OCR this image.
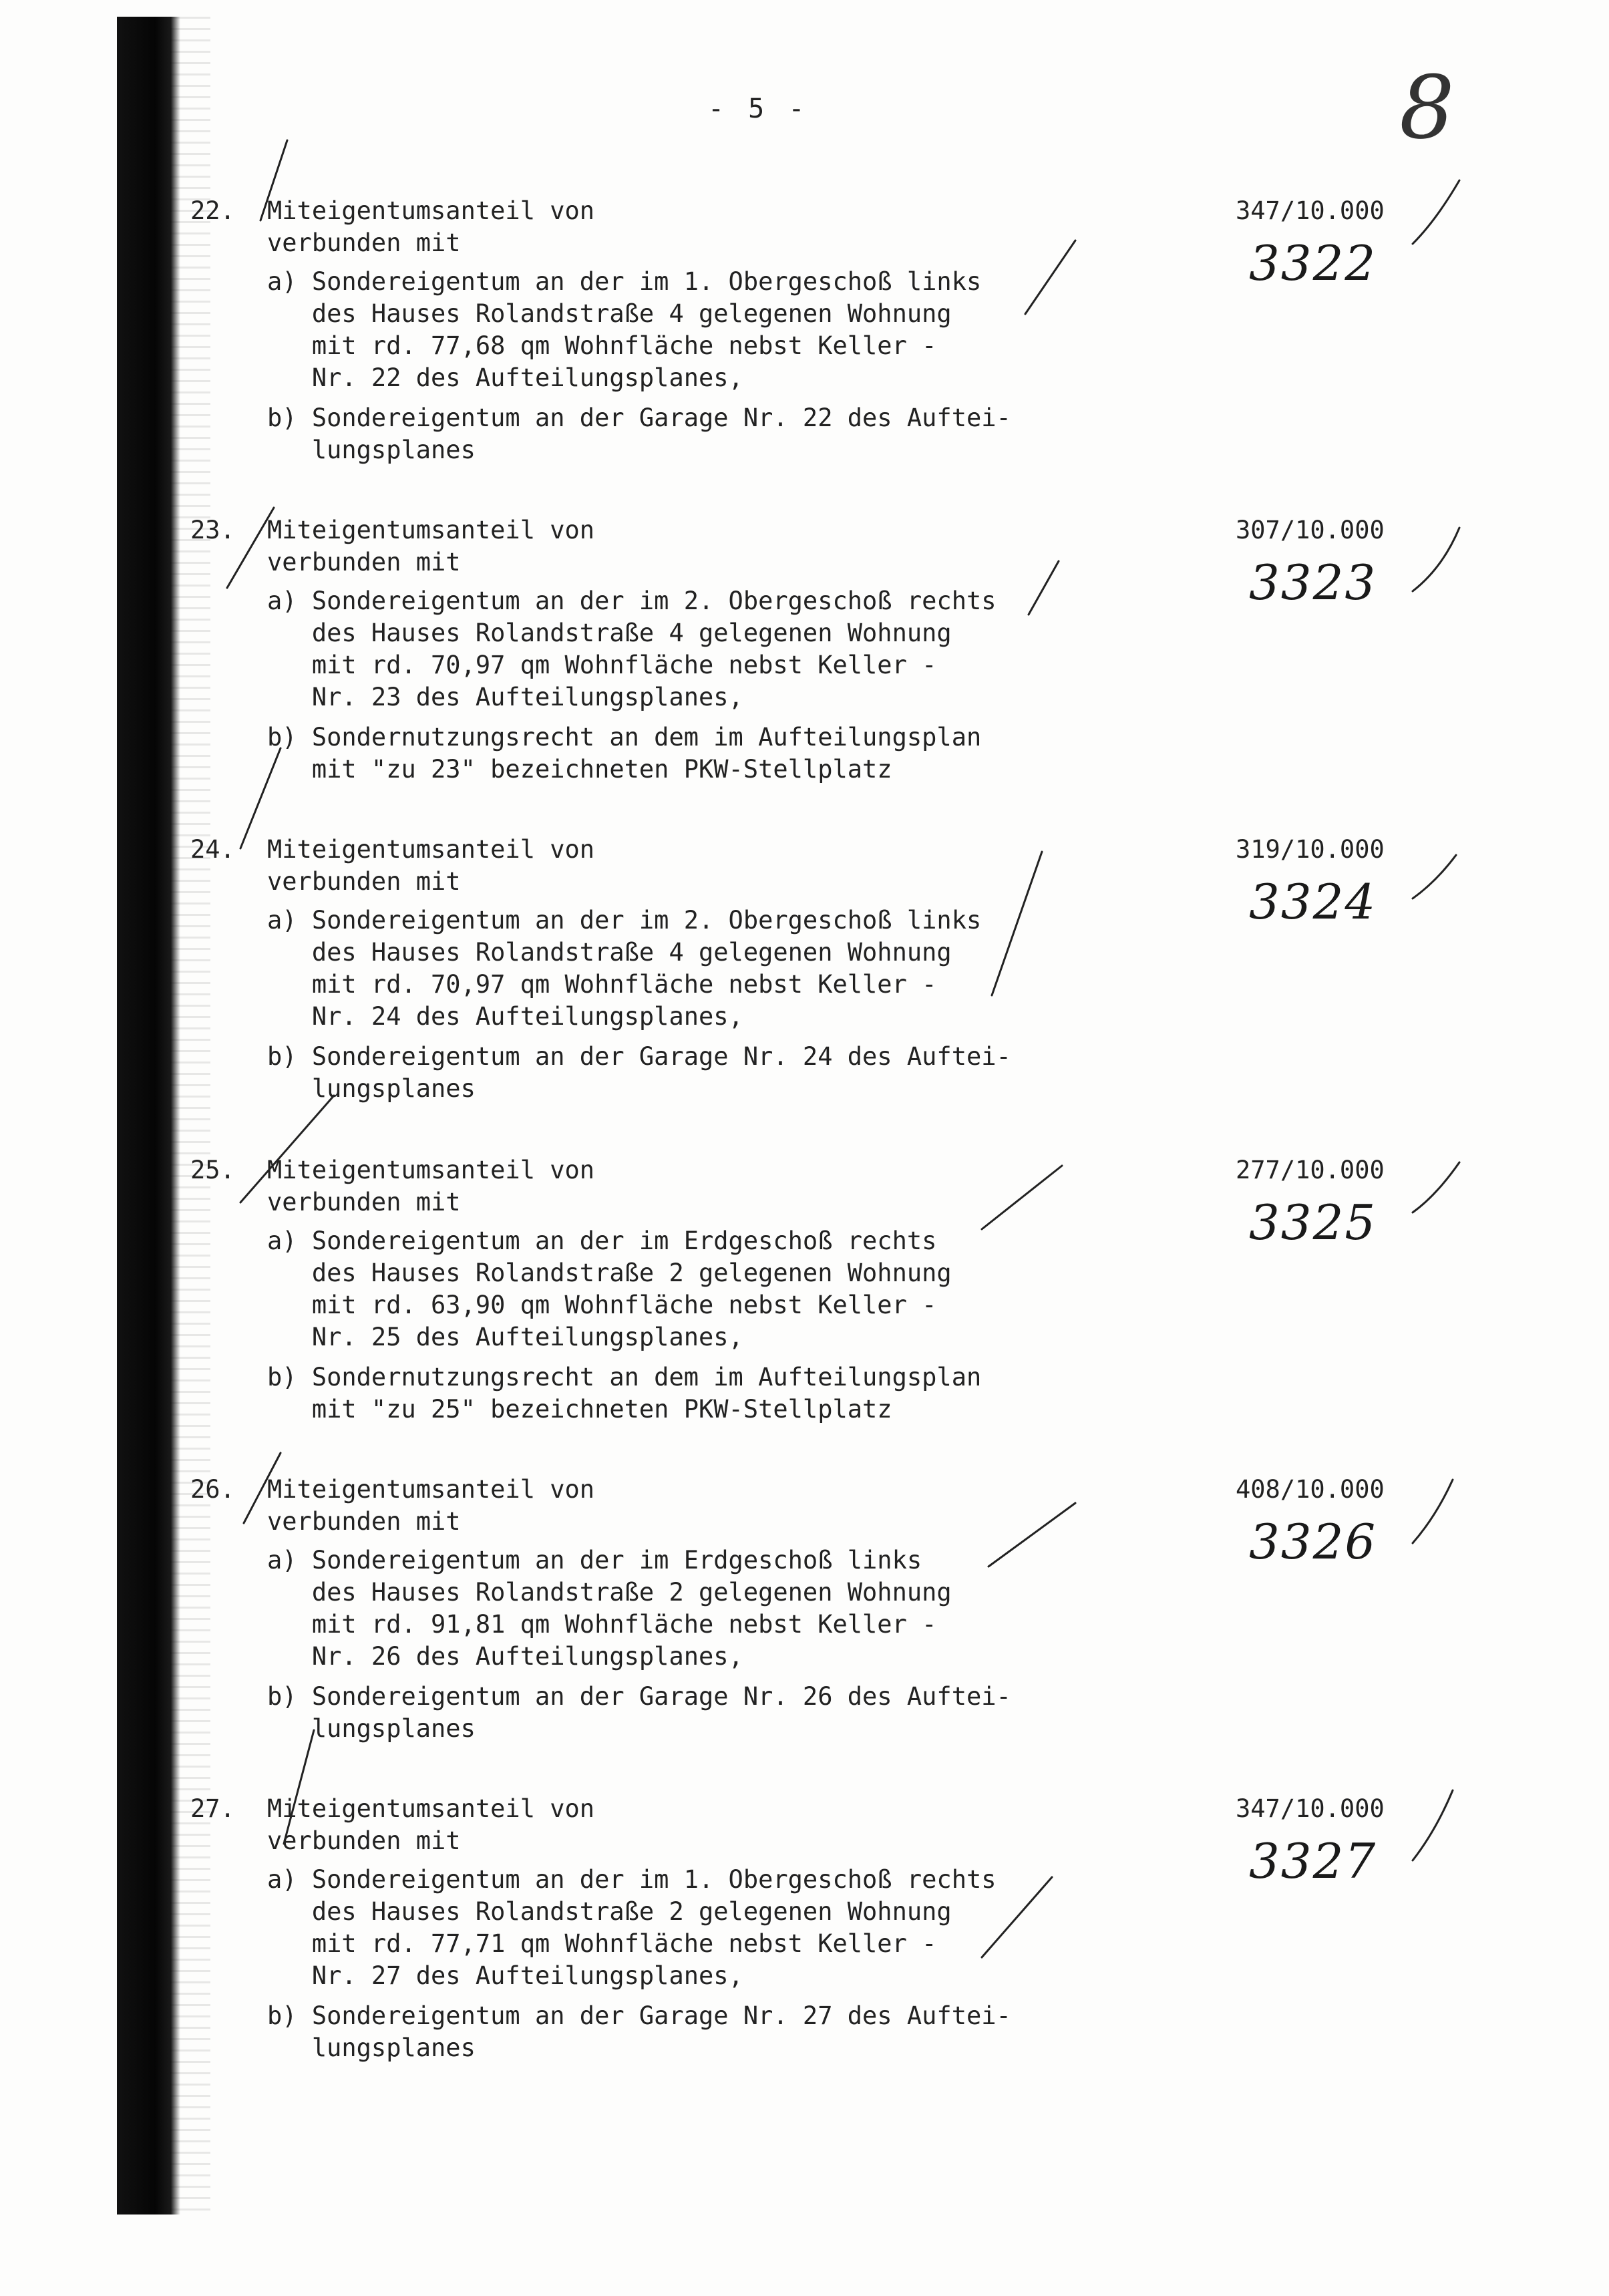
- 5 -	8
22. Miteigentumsanteil von
verbunden mit
a) Sondereigentum an der im 1. Obergeschoß links
des Hauses Rolandstraße 4 gelegenen Wohnung
mit rd. 77,68 qm Wohnfläche nebst Keller -
Nr. 22 des Aufteilungsplanes,
b) Sondereigentum an der Garage Nr. 22 des Auftei-
lungsplanes
347/10.000
3322
23. Miteigentumsanteil von
verbunden mit
a) Sondereigentum an der im 2. Obergeschoß rechts
des Hauses Rolandstraße 4 gelegenen Wohnung
mit rd. 70,97 qm Wohnfläche nebst Keller -
Nr. 23 des Aufteilungsplanes,
b) Sondernutzungsrecht an dem im Aufteilungsplan
mit "zu 23" bezeichneten PKW-Stellplatz
307/10.000
3323
24. Miteigentumsanteil von
verbunden mit
a) Sondereigentum an der im 2. Obergeschoß links
des Hauses Rolandstraße 4 gelegenen Wohnung
mit rd. 70,97 qm Wohnfläche nebst Keller -
Nr. 24 des Aufteilungsplanes,
b) Sondereigentum an der Garage Nr. 24 des Auftei-
lungsplanes
319/10.000
3324
25. Miteigentumsanteil von
verbunden mit
a) Sondereigentum an der im Erdgeschoß rechts
des Hauses Rolandstraße 2 gelegenen Wohnung
mit rd. 63,90 qm Wohnfläche nebst Keller -
Nr. 25 des Aufteilungsplanes,
b) Sondernutzungsrecht an dem im Aufteilungsplan
mit "zu 25" bezeichneten PKW-Stellplatz
277/10.000
3325
26. Miteigentumsanteil von
verbunden mit
a) Sondereigentum an der im Erdgeschoß links
des Hauses Rolandstraße 2 gelegenen Wohnung
mit rd. 91,81 qm Wohnfläche nebst Keller -
Nr. 26 des Aufteilungsplanes,
b) Sondereigentum an der Garage Nr. 26 des Auftei-
lungsplanes
408/10.000
3326
27. Miteigentumsanteil von
verbunden mit
a) Sondereigentum an der im 1. Obergeschoß rechts
des Hauses Rolandstraße 2 gelegenen Wohnung
mit rd. 77,71 qm Wohnfläche nebst Keller -
Nr. 27 des Aufteilungsplanes,
b) Sondereigentum an der Garage Nr. 27 des Auftei-
lungsplanes
347/10.000
3327
